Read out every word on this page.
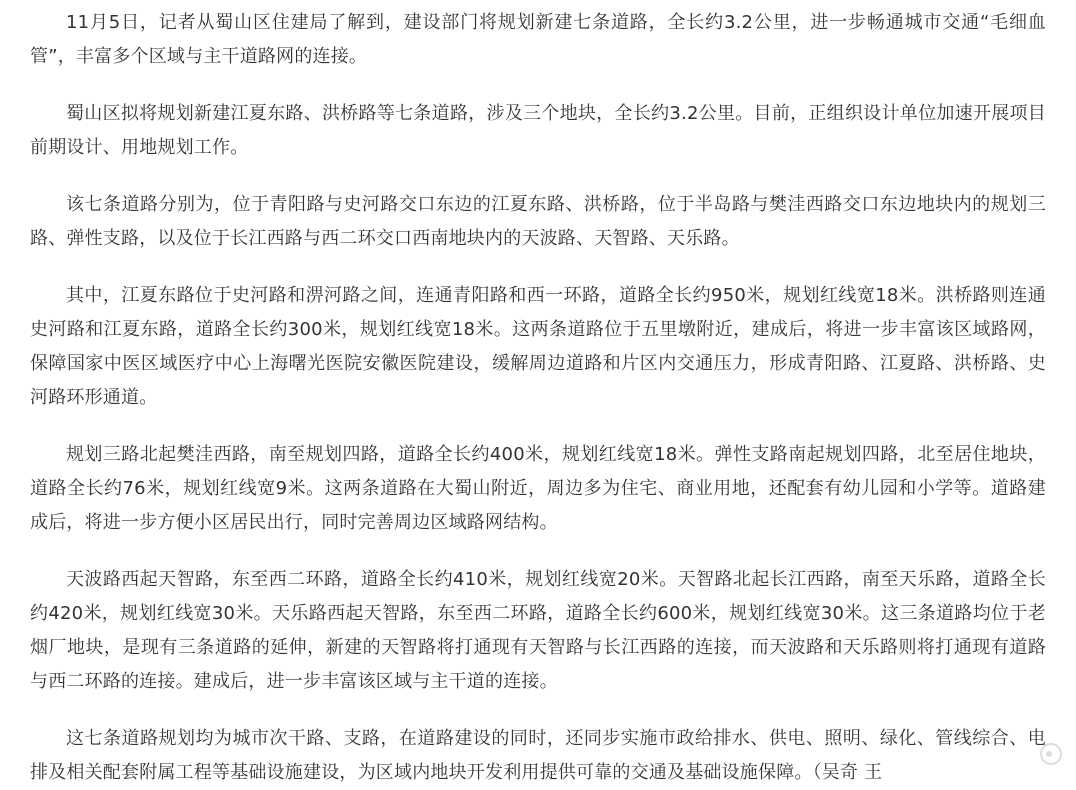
11月5日，记者从蜀山区住建局了解到，建设部门将规划新建七条道路，全长约3.2公里，进一步畅通城市交通“毛细血管”，丰富多个区域与主干道路网的连接。

蜀山区拟将规划新建江夏东路、洪桥路等七条道路，涉及三个地块，全长约3.2公里。目前，正组织设计单位加速开展项目前期设计、用地规划工作。

该七条道路分别为，位于青阳路与史河路交口东边的江夏东路、洪桥路，位于半岛路与樊洼西路交口东边地块内的规划三路、弹性支路，以及位于长江西路与西二环交口西南地块内的天波路、天智路、天乐路。

其中，江夏东路位于史河路和淠河路之间，连通青阳路和西一环路，道路全长约950米，规划红线宽18米。洪桥路则连通史河路和江夏东路，道路全长约300米，规划红线宽18米。这两条道路位于五里墩附近，建成后，将进一步丰富该区域路网，保障国家中医区域医疗中心上海曙光医院安徽医院建设，缓解周边道路和片区内交通压力，形成青阳路、江夏路、洪桥路、史河路环形通道。

规划三路北起樊洼西路，南至规划四路，道路全长约400米，规划红线宽18米。弹性支路南起规划四路，北至居住地块，道路全长约76米，规划红线宽9米。这两条道路在大蜀山附近，周边多为住宅、商业用地，还配套有幼儿园和小学等。道路建成后，将进一步方便小区居民出行，同时完善周边区域路网结构。

天波路西起天智路，东至西二环路，道路全长约410米，规划红线宽20米。天智路北起长江西路，南至天乐路，道路全长约420米，规划红线宽30米。天乐路西起天智路，东至西二环路，道路全长约600米，规划红线宽30米。这三条道路均位于老烟厂地块，是现有三条道路的延伸，新建的天智路将打通现有天智路与长江西路的连接，而天波路和天乐路则将打通现有道路与西二环路的连接。建成后，进一步丰富该区域与主干道的连接。

这七条道路规划均为城市次干路、支路，在道路建设的同时，还同步实施市政给排水、供电、照明、绿化、管线综合、电排及相关配套附属工程等基础设施建设，为区域内地块开发利用提供可靠的交通及基础设施保障。（吴奇 王
